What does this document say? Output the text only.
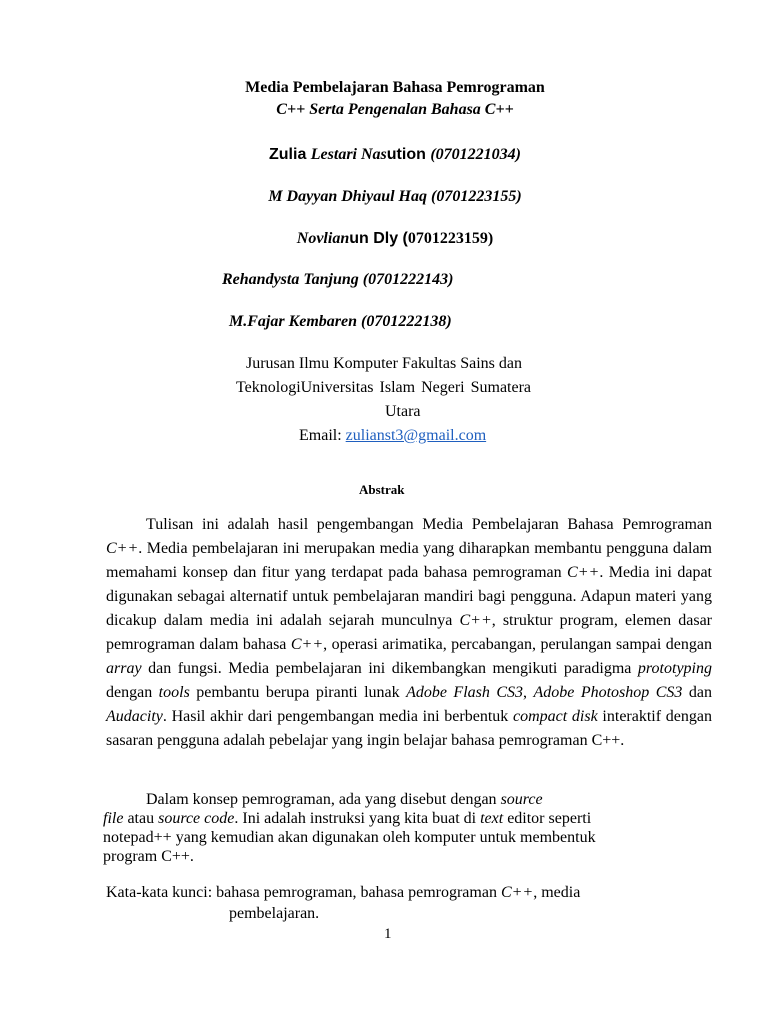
Media Pembelajaran Bahasa Pemrograman
C++ Serta Pengenalan Bahasa C++
Zulia Lestari Nasution (0701221034)
M Dayyan Dhiyaul Haq (0701223155)
Novlianun Dly (0701223159)
Rehandysta Tanjung (0701222143)
M.Fajar Kembaren (0701222138)
Jurusan Ilmu Komputer Fakultas Sains dan
TeknologiUniversitas Islam Negeri Sumatera
Utara
Email: zulianst3@gmail.com
Abstrak

Tulisan ini adalah hasil pengembangan Media Pembelajaran Bahasa Pemrograman C++. Media pembelajaran ini merupakan media yang diharapkan membantu pengguna dalam memahami konsep dan fitur yang terdapat pada bahasa pemrograman C++. Media ini dapat digunakan sebagai alternatif untuk pembelajaran mandiri bagi pengguna. Adapun materi yang dicakup dalam media ini adalah sejarah munculnya C++, struktur program, elemen dasar pemrograman dalam bahasa C++, operasi arimatika, percabangan, perulangan sampai dengan array dan fungsi. Media pembelajaran ini dikembangkan mengikuti paradigma prototyping dengan tools pembantu berupa piranti lunak Adobe Flash CS3, Adobe Photoshop CS3 dan Audacity. Hasil akhir dari pengembangan media ini berbentuk compact disk interaktif dengan sasaran pengguna adalah pebelajar yang ingin belajar bahasa pemrograman C++.

Dalam konsep pemrograman, ada yang disebut dengan source
file atau source code. Ini adalah instruksi yang kita buat di text editor seperti
notepad++ yang kemudian akan digunakan oleh komputer untuk membentuk
program C++.
Kata-kata kunci: bahasa pemrograman, bahasa pemrograman C++, media
pembelajaran.
1
